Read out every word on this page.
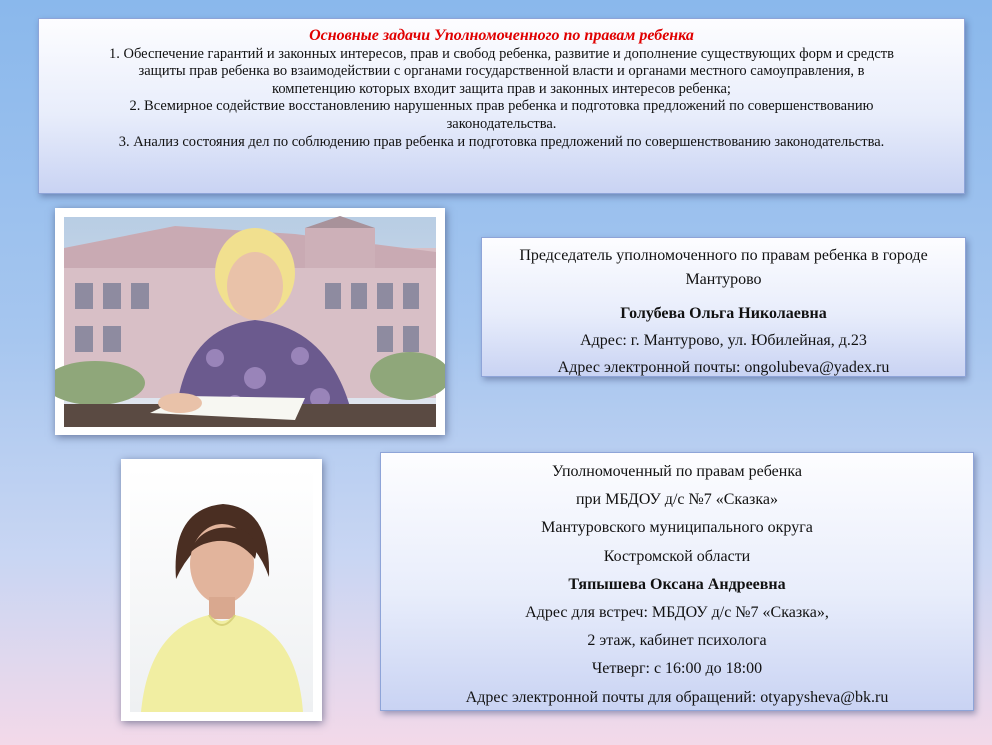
Основные задачи Уполномоченного по правам ребенка

1. Обеспечение гарантий и законных интересов, прав и свобод ребенка, развитие и дополнение существующих форм и средств

защиты прав ребенка во взаимодействии с органами государственной власти и органами местного самоуправления, в

компетенцию которых входит защита прав и законных интересов ребенка;

2. Всемирное содействие восстановлению нарушенных прав ребенка и подготовка предложений по совершенствованию

законодательства.

3. Анализ состояния дел по соблюдению прав ребенка и подготовка предложений по совершенствованию законодательства.

Председатель уполномоченного по правам ребенка в городе Мантурово

Голубева Ольга Николаевна

Адрес: г. Мантурово, ул. Юбилейная, д.23

Адрес электронной почты: ongolubeva@yadex.ru

Уполномоченный по правам ребенка

при МБДОУ д/с №7 «Сказка»

Мантуровского муниципального округа

Костромской области

Тяпышева Оксана Андреевна

Адрес для встреч: МБДОУ д/с №7 «Сказка»,

2 этаж, кабинет психолога

Четверг: с 16:00 до 18:00

Адрес электронной почты для обращений: otyapysheva@bk.ru
